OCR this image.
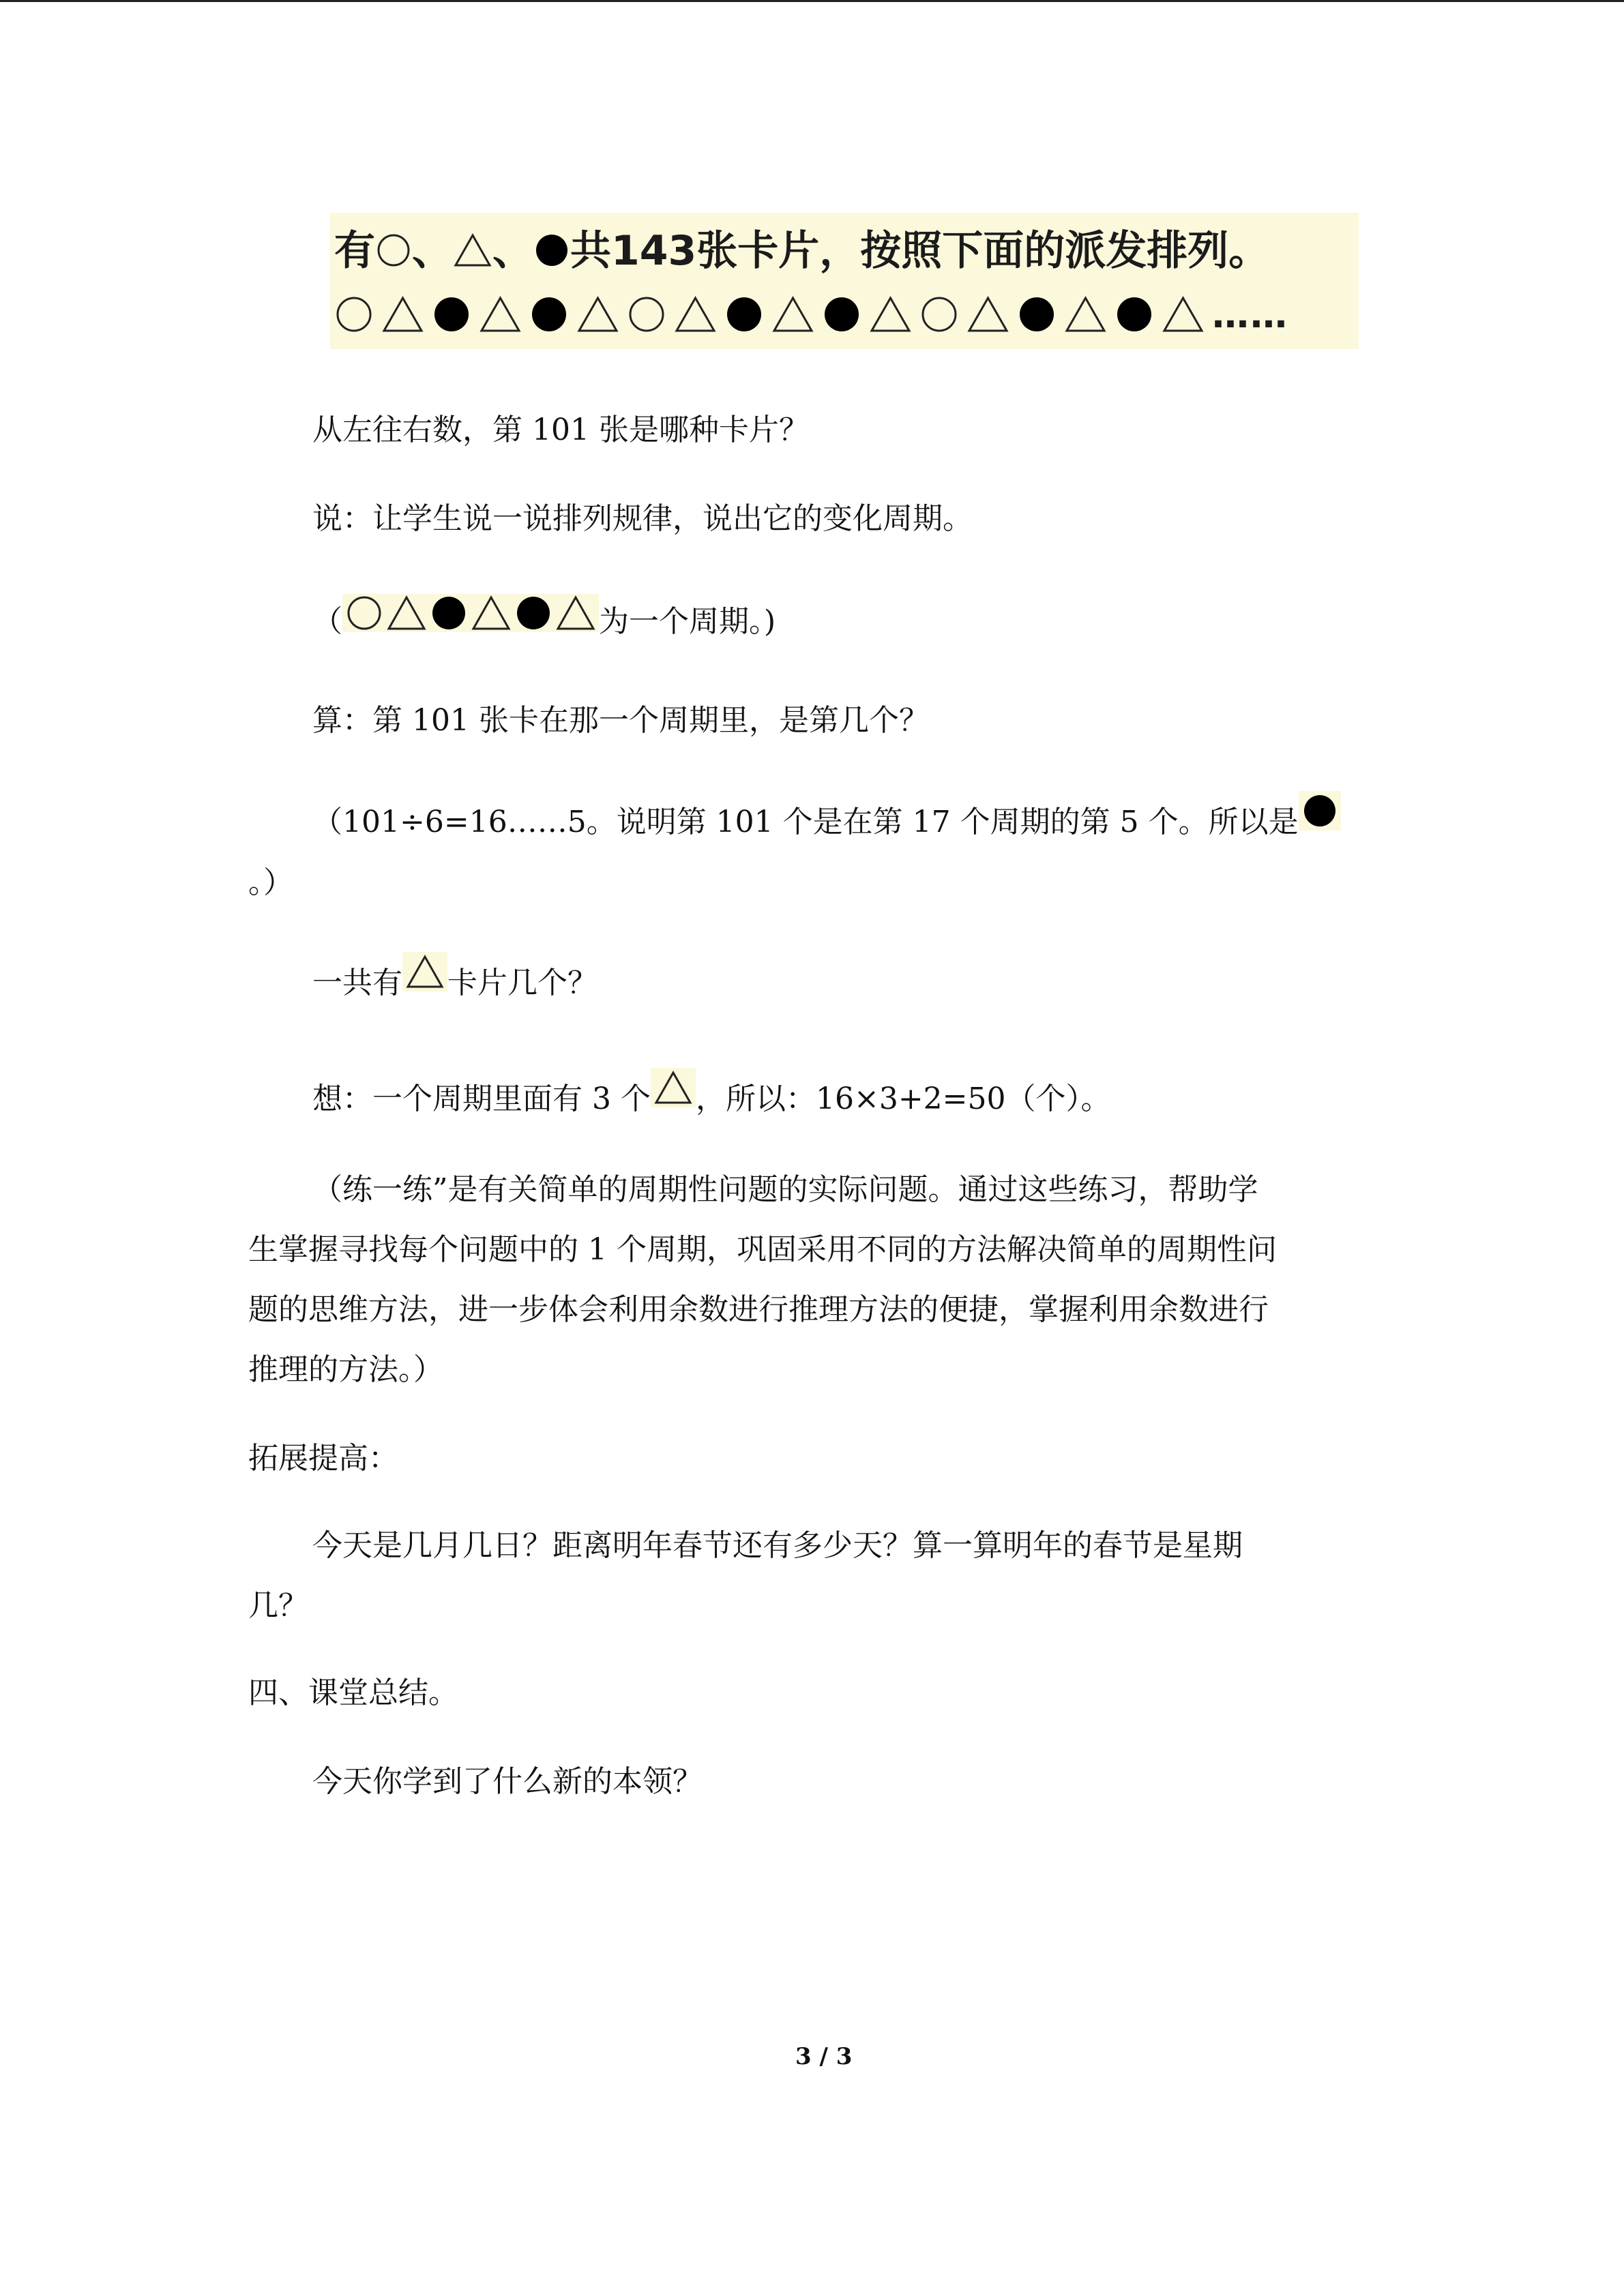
有 、 、 共143张卡片，按照下面的派发排列。
……
从左往右数，第 101 张是哪种卡片？
说：让学生说一说排列规律，说出它的变化周期。
（	为一个周期。)
算：第 101 张卡在那一个周期里，是第几个？
（101÷6=16……5。说明第 101 个是在第 17 个周期的第 5 个。所以是
。）
一共有 卡片几个？
想：一个周期里面有 3 个 ，所以：16×3+2=50（个）。
（练一练”是有关简单的周期性问题的实际问题。通过这些练习，帮助学
生掌握寻找每个问题中的 1 个周期，巩固采用不同的方法解决简单的周期性问
题的思维方法，进一步体会利用余数进行推理方法的便捷，掌握利用余数进行
推理的方法。）
拓展提高：
今天是几月几日？距离明年春节还有多少天？算一算明年的春节是星期
几？
四、课堂总结。
今天你学到了什么新的本领？
3 / 3
